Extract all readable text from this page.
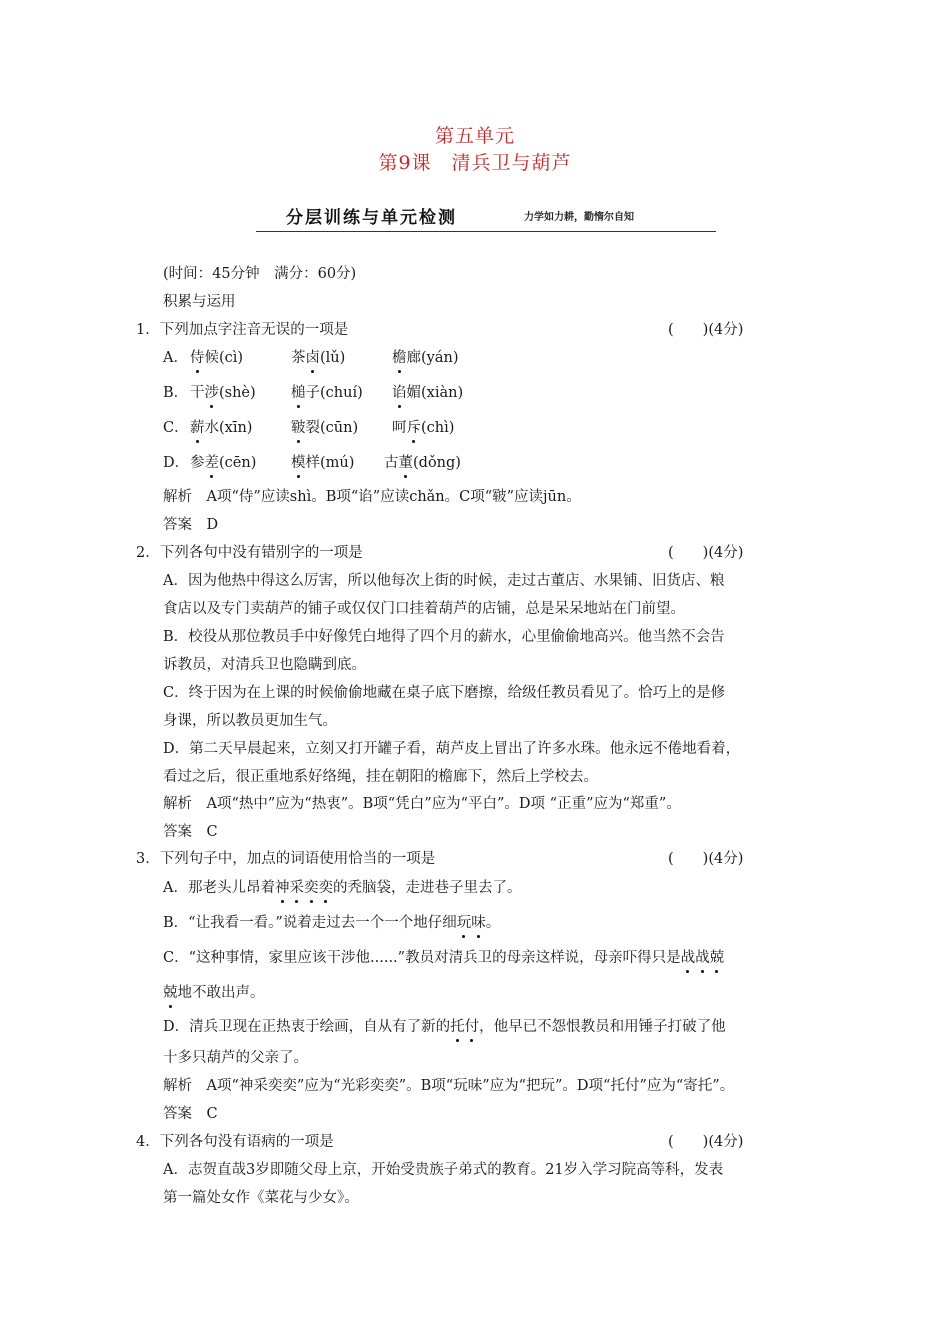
第五单元
第9课　清兵卫与葫芦
分层训练与单元检测	力学如力耕，勤惰尔自知
(时间：45分钟　满分：60分)
积累与运用
1．下列加点字注音无误的一项是	(　　)(4分)
A． 侍候(cì)	茶卤(lǔ)	檐廊(yán)
B． 干涉(shè) 槌子(chuí) 谄媚(xiàn)
C． 薪水(xīn)	皲裂(cūn) 呵斥(chì)
D． 参差(cēn) 模样(mú) 古董(dǒng)
解析　A项“侍”应读shì。B项“谄”应读chǎn。C项“皲”应读jūn。
答案　D
2．下列各句中没有错别字的一项是	(　　)(4分)
A．因为他热中得这么厉害，所以他每次上街的时候，走过古董店、水果铺、旧货店、粮
食店以及专门卖葫芦的铺子或仅仅门口挂着葫芦的店铺，总是呆呆地站在门前望。
B．校役从那位教员手中好像凭白地得了四个月的薪水，心里偷偷地高兴。他当然不会告
诉教员，对清兵卫也隐瞒到底。
C．终于因为在上课的时候偷偷地藏在桌子底下磨擦，给级任教员看见了。恰巧上的是修
身课，所以教员更加生气。
D．第二天早晨起来，立刻又打开罐子看，葫芦皮上冒出了许多水珠。他永远不倦地看着，
看过之后，很正重地系好络绳，挂在朝阳的檐廊下，然后上学校去。
解析　A项“热中”应为“热衷”。B项“凭白”应为“平白”。D项 “正重”应为“郑重”。
答案　C
3．下列句子中，加点的词语使用恰当的一项是	(　　)(4分)
A．那老头儿昂着神采奕奕的秃脑袋，走进巷子里去了。
B．“让我看一看。”说着走过去一个一个地仔细玩味。
C．“这种事情，家里应该干涉他......”教员对清兵卫的母亲这样说，母亲吓得只是战战兢
兢地不敢出声。
D．清兵卫现在正热衷于绘画，自从有了新的托付，他早已不怨恨教员和用锤子打破了他
十多只葫芦的父亲了。
解析　A项“神采奕奕”应为“光彩奕奕”。B项“玩味”应为“把玩”。D项“托付”应为“寄托”。
答案　C
4．下列各句没有语病的一项是	(　　)(4分)
A．志贺直哉3岁即随父母上京，开始受贵族子弟式的教育。21岁入学习院高等科，发表
第一篇处女作《菜花与少女》。
